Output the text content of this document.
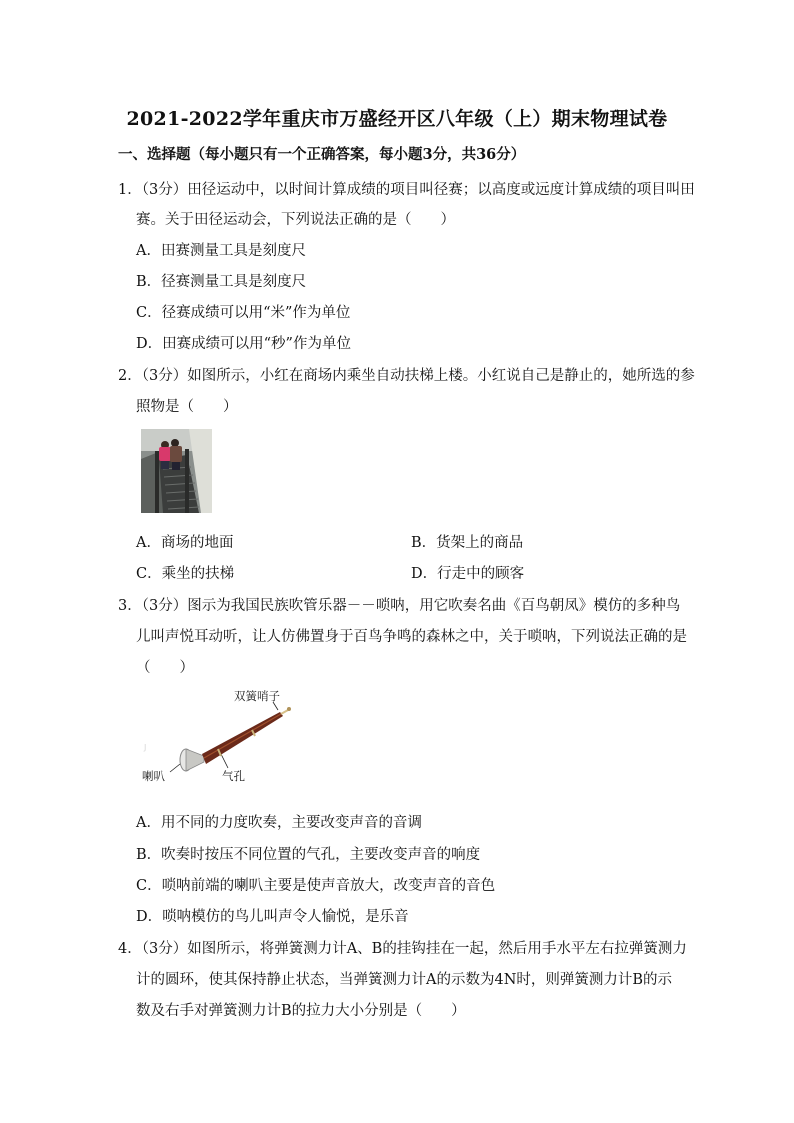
2021-2022学年重庆市万盛经开区八年级（上）期末物理试卷
一、选择题（每小题只有一个正确答案，每小题3分，共36分）
1．（3分）田径运动中，以时间计算成绩的项目叫径赛；以高度或远度计算成绩的项目叫田
赛。关于田径运动会，下列说法正确的是（　　）
A．田赛测量工具是刻度尺
B．径赛测量工具是刻度尺
C．径赛成绩可以用“米”作为单位
D．田赛成绩可以用“秒”作为单位
2．（3分）如图所示，小红在商场内乘坐自动扶梯上楼。小红说自己是静止的，她所选的参
照物是（　　）
A．商场的地面	B．货架上的商品
C．乘坐的扶梯	D．行走中的顾客
3．（3分）图示为我国民族吹管乐器－－唢呐，用它吹奏名曲《百鸟朝凤》模仿的多种鸟
儿叫声悦耳动听，让人仿佛置身于百鸟争鸣的森林之中，关于唢呐，下列说法正确的是
（　　）
J
双簧哨子
喇叭	气孔
A．用不同的力度吹奏，主要改变声音的音调
B．吹奏时按压不同位置的气孔，主要改变声音的响度
C．唢呐前端的喇叭主要是使声音放大，改变声音的音色
D．唢呐模仿的鸟儿叫声令人愉悦，是乐音
4．（3分）如图所示，将弹簧测力计A、B的挂钩挂在一起，然后用手水平左右拉弹簧测力
计的圆环，使其保持静止状态，当弹簧测力计A的示数为4N时，则弹簧测力计B的示
数及右手对弹簧测力计B的拉力大小分别是（　　）
